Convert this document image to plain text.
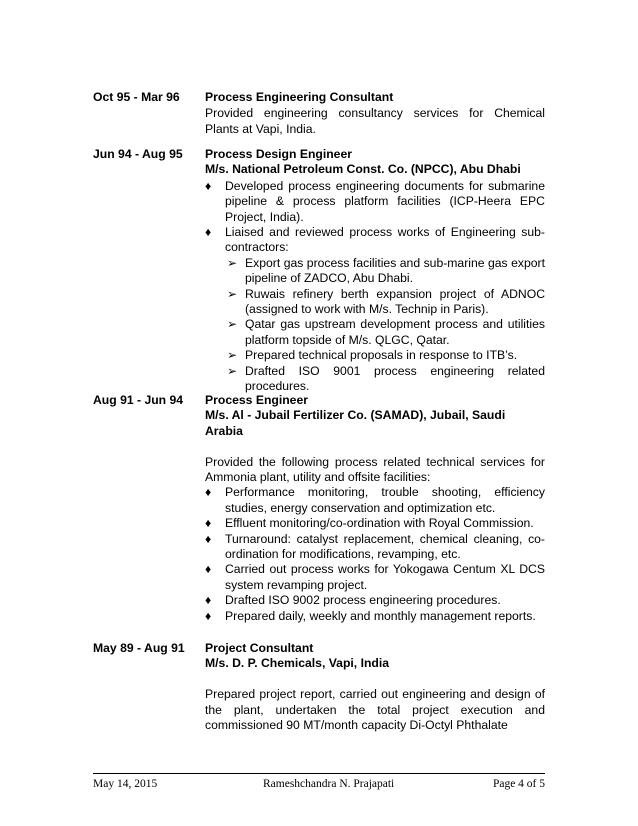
Oct 95 - Mar 96	Process Engineering Consultant
Provided engineering consultancy services for Chemical Plants at Vapi, India.
Jun 94 - Aug 95	Process Design Engineer
M/s. National Petroleum Const. Co. (NPCC), Abu Dhabi
♦	Developed process engineering documents for submarine pipeline & process platform facilities (ICP-Heera EPC Project, India).
♦	Liaised and reviewed process works of Engineering sub-contractors:
➢ Export gas process facilities and sub-marine gas export pipeline of ZADCO, Abu Dhabi.
➢ Ruwais refinery berth expansion project of ADNOC (assigned to work with M/s. Technip in Paris).
➢ Qatar gas upstream development process and utilities platform topside of M/s. QLGC, Qatar.
➢ Prepared technical proposals in response to ITB’s.
➢ Drafted ISO 9001 process engineering related procedures.
Aug 91 - Jun 94	Process Engineer
M/s. Al - Jubail Fertilizer Co. (SAMAD), Jubail, Saudi Arabia
Provided the following process related technical services for Ammonia plant, utility and offsite facilities:
♦	Performance monitoring, trouble shooting, efficiency studies, energy conservation and optimization etc.
♦	Effluent monitoring/co-ordination with Royal Commission.
♦	Turnaround: catalyst replacement, chemical cleaning, co-ordination for modifications, revamping, etc.
♦	Carried out process works for Yokogawa Centum XL DCS system revamping project.
♦	Drafted ISO 9002 process engineering procedures.
♦	Prepared daily, weekly and monthly management reports.
May 89 - Aug 91	Project Consultant
M/s. D. P. Chemicals, Vapi, India
Prepared project report, carried out engineering and design of the plant, undertaken the total project execution and commissioned 90 MT/month capacity Di-Octyl Phthalate
May 14, 2015	Rameshchandra N. Prajapati	Page 4 of 5
